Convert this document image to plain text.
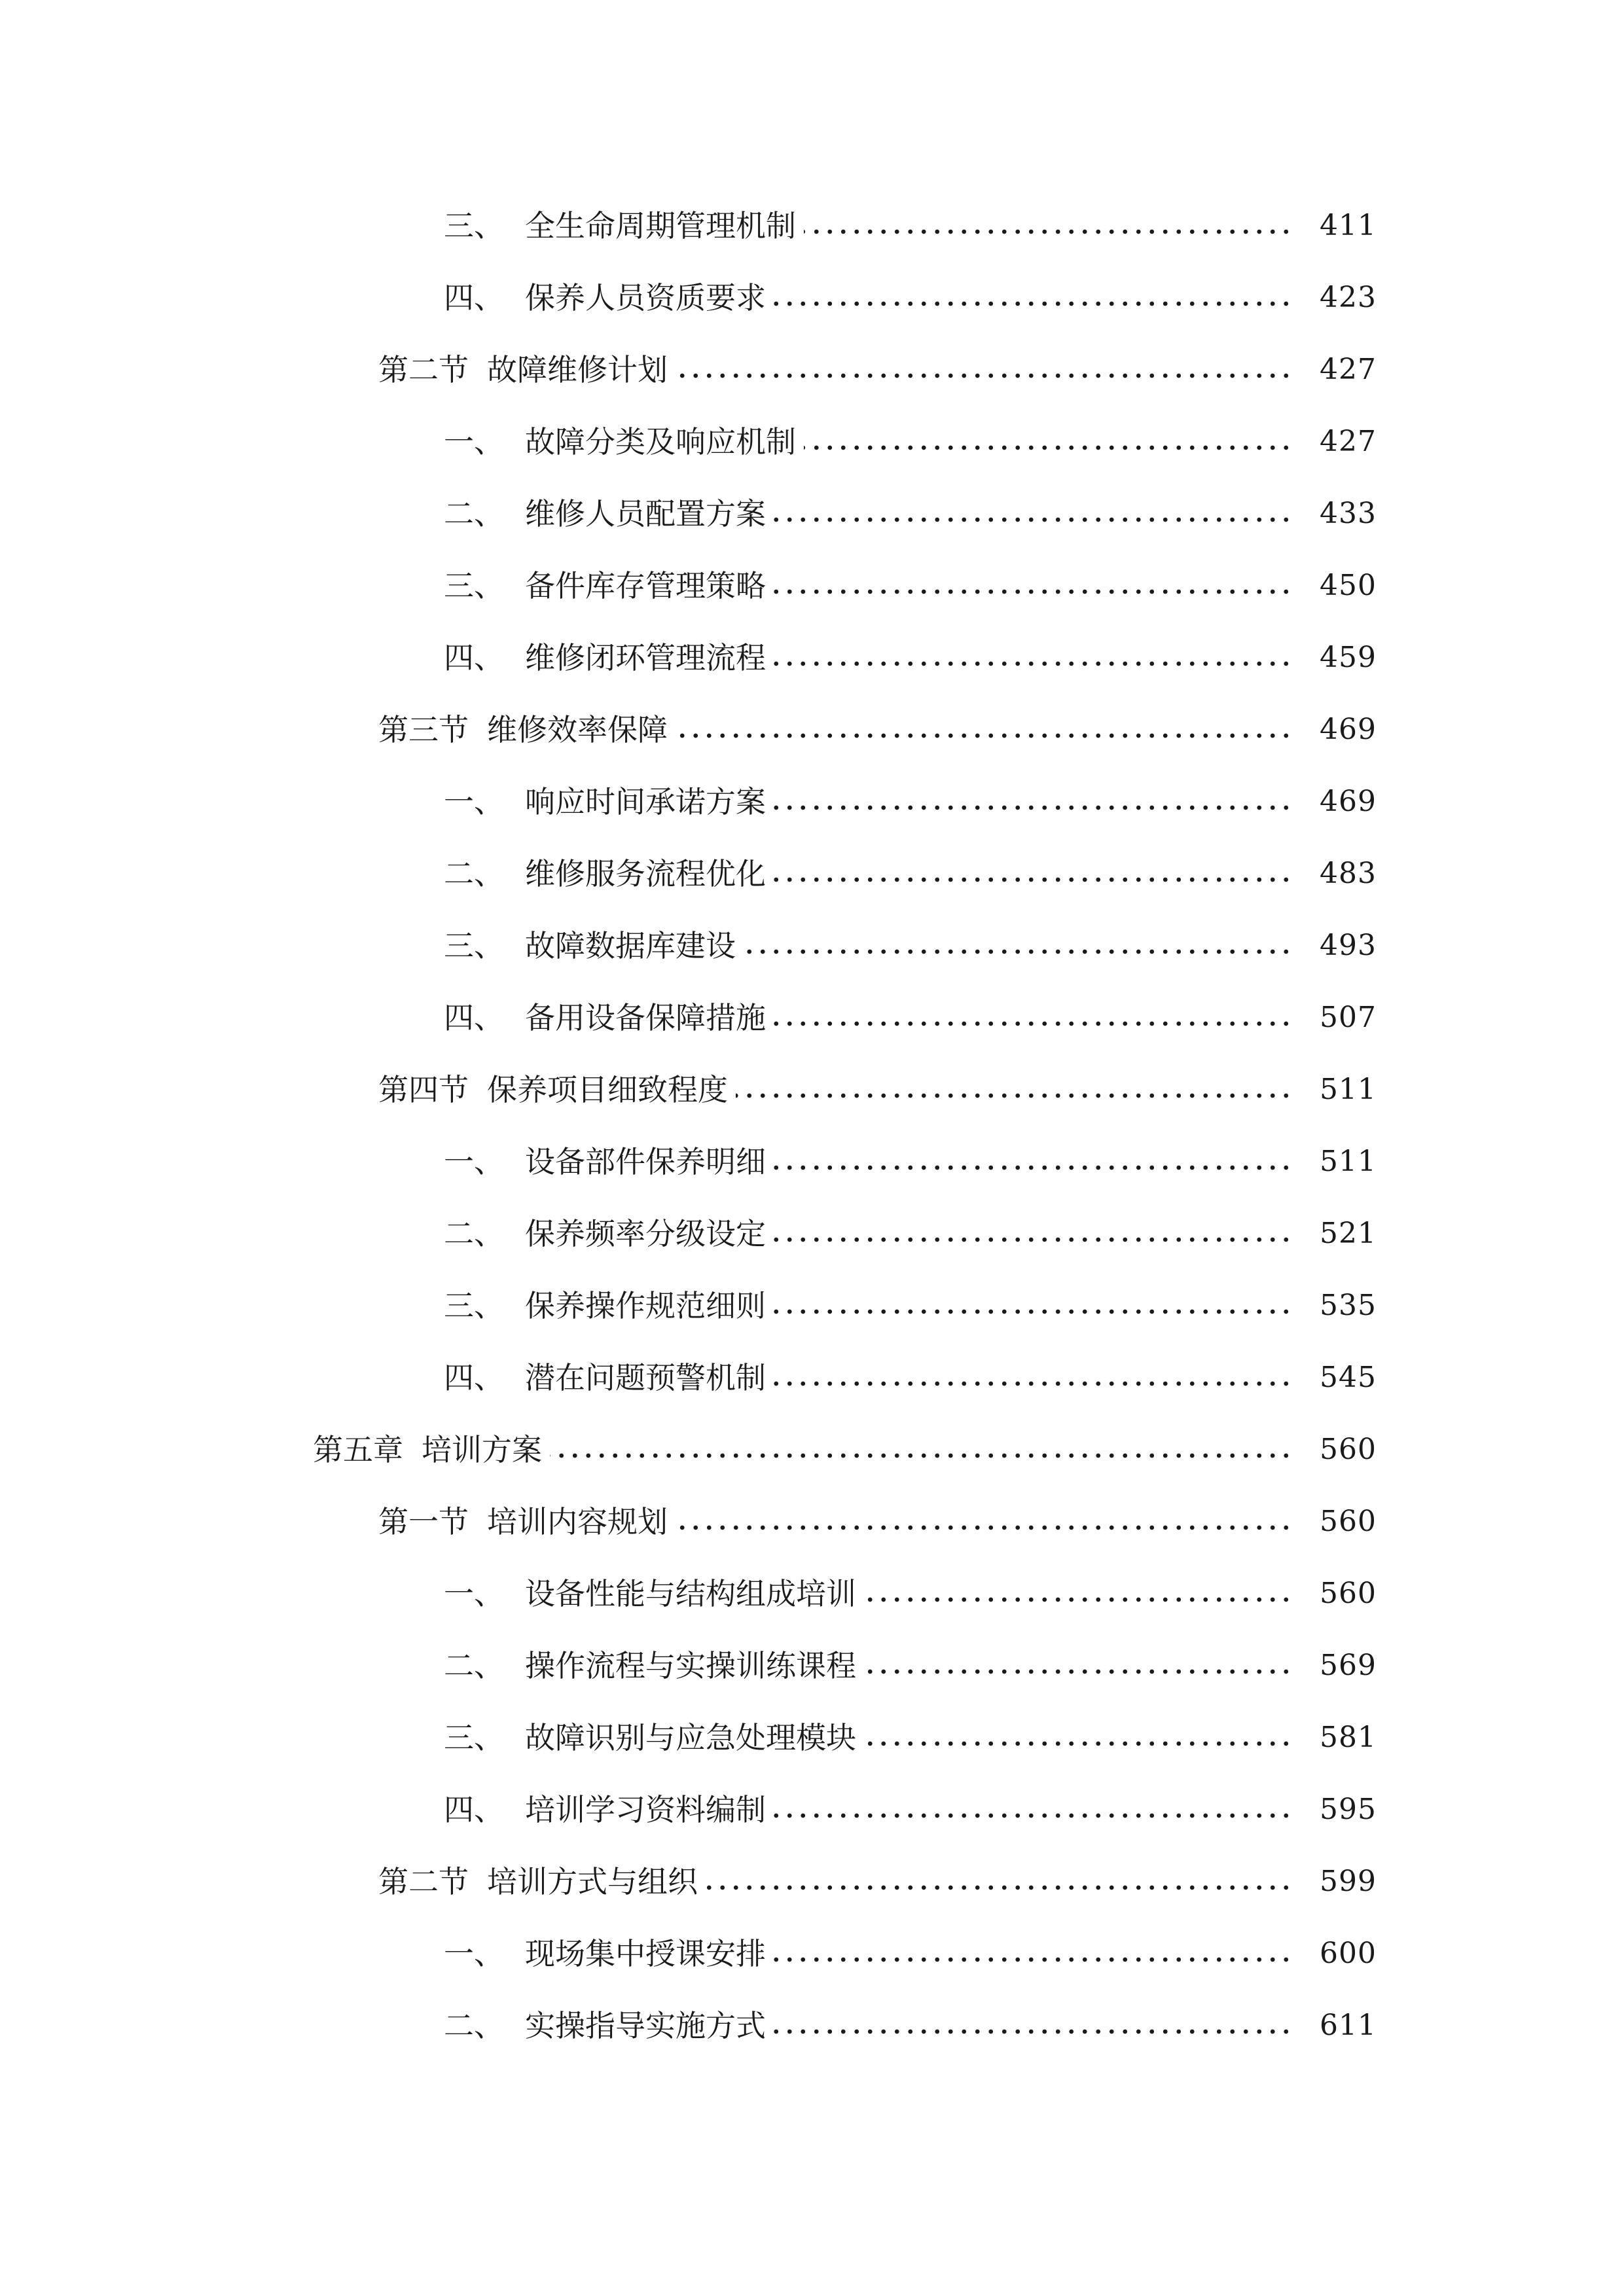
三、 全生命周期管理机制	411
四、 保养人员资质要求	423
第二节 故障维修计划	427
一、 故障分类及响应机制	427
二、 维修人员配置方案	433
三、 备件库存管理策略	450
四、 维修闭环管理流程	459
第三节 维修效率保障	469
一、 响应时间承诺方案	469
二、 维修服务流程优化	483
三、 故障数据库建设	493
四、 备用设备保障措施	507
第四节 保养项目细致程度	511
一、 设备部件保养明细	511
二、 保养频率分级设定	521
三、 保养操作规范细则	535
四、 潜在问题预警机制	545
第五章 培训方案	560
第一节 培训内容规划	560
一、 设备性能与结构组成培训	560
二、 操作流程与实操训练课程	569
三、 故障识别与应急处理模块	581
四、 培训学习资料编制	595
第二节 培训方式与组织	599
一、 现场集中授课安排	600
二、 实操指导实施方式	611
